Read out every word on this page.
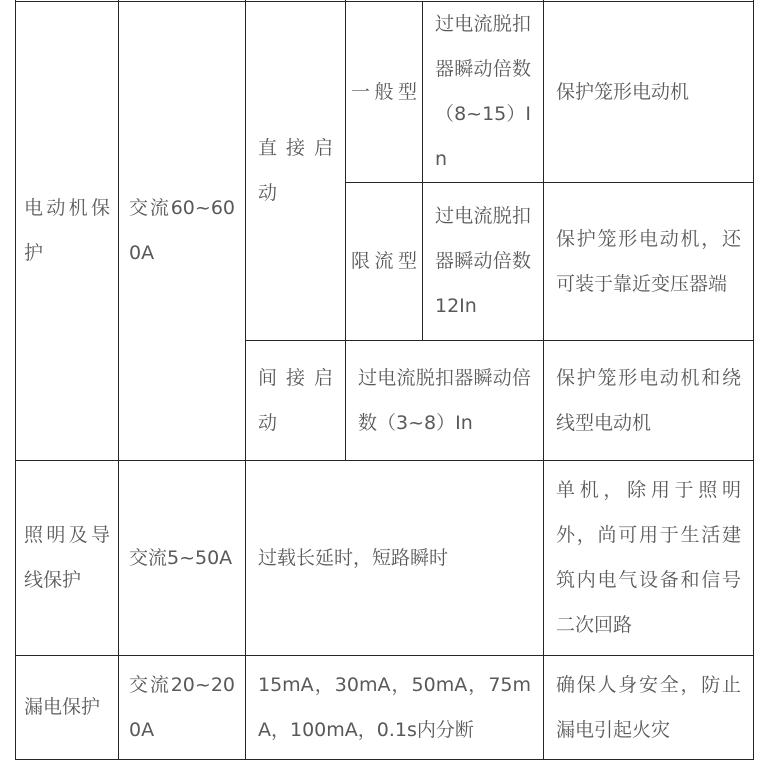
电动机保护	交流60~600A	直接启动	一般型	过电流脱扣器瞬动倍数（8~15）In	保护笼形电动机
			限流型	过电流脱扣器瞬动倍数12In	保护笼形电动机，还可装于靠近变压器端
		间接启动	过电流脱扣器瞬动倍数（3~8）In		保护笼形电动机和绕线型电动机
照明及导线保护	交流5~50A	过载长延时，短路瞬时			单机，除用于照明外，尚可用于生活建筑内电气设备和信号二次回路
漏电保护	交流20~200A	15mA，30mA，50mA，75mA，100mA，0.1s内分断			确保人身安全，防止漏电引起火灾
